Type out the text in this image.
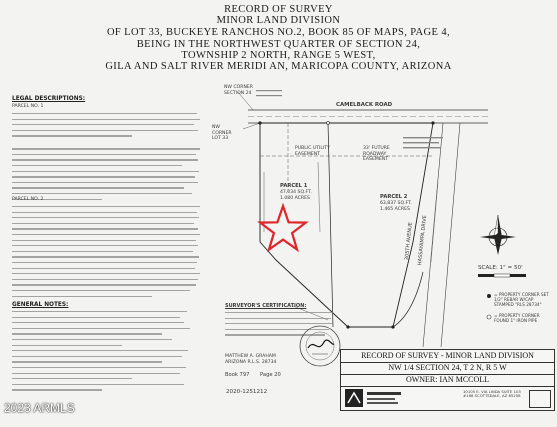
RECORD OF SURVEY
MINOR LAND DIVISION
OF LOT 33, BUCKEYE RANCHOS NO.2, BOOK 85 OF MAPS, PAGE 4,
BEING IN THE NORTHWEST QUARTER OF SECTION 24,
TOWNSHIP 2 NORTH, RANGE 5 WEST,
GILA AND SALT RIVER MERIDI AN, MARICOPA COUNTY, ARIZONA
LEGAL DESCRIPTIONS:
PARCEL NO. 1
PARCEL NO. 2
GENERAL NOTES:
NW CORNER SECTION 24
CAMELBACK ROAD
NW CORNER LOT 33
PUBLIC UTILITY EASEMENT
33' FUTURE ROADWAY EASEMENT
PARCEL 1
47,034 SQ.FT.
1.080 ACRES	PARCEL 2
63,837 SQ.FT.
1.465 ACRES
305TH AVENUE HASSAYAMPA DRIVE
SCALE: 1" = 50'
= PROPERTY CORNER SET 1/2" REBAR W/CAP STAMPED "RLS 28734"
= PROPERTY CORNER FOUND 1" IRON PIPE
SURVEYOR'S CERTIFICATION:
MATTHEW A. GRAHAM
ARIZONA R.L.S. 28734
Book 797 Page 20
2020-1251212
RECORD OF SURVEY - MINOR LAND DIVISION
NW 1/4 SECTION 24, T 2 N, R 5 W
OWNER: IAN MCCOLL
10105 E. VIA LINDA SUITE 103 #168 SCOTTSDALE, AZ 85258
2023 ARMLS
